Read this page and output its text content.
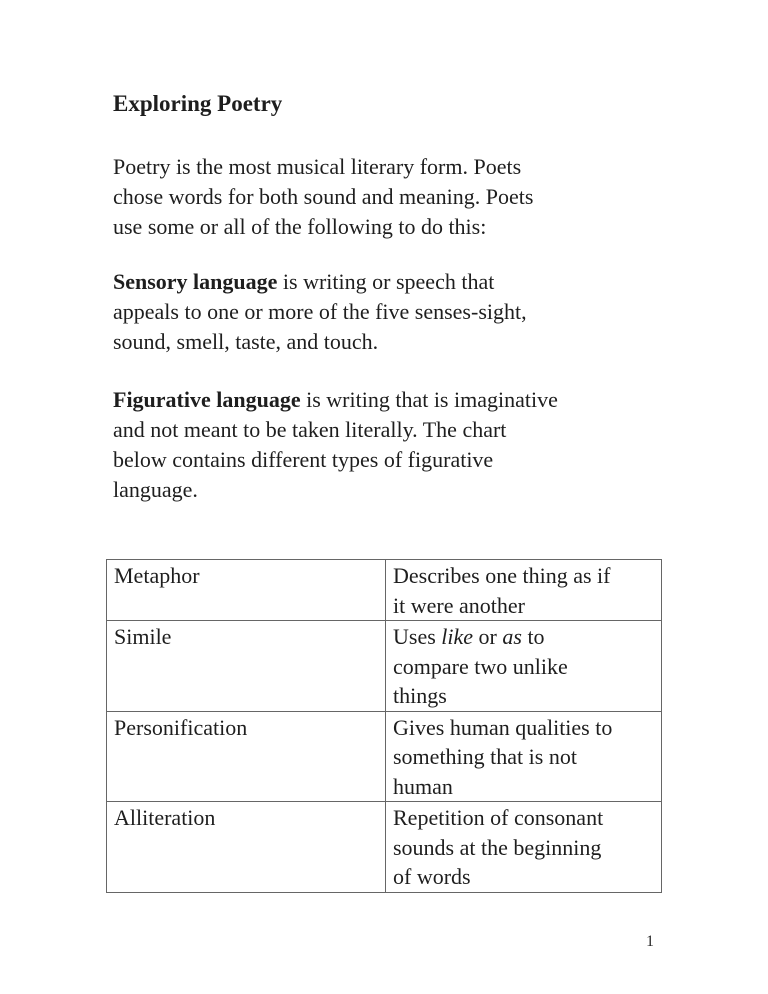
Exploring Poetry

Poetry is the most musical literary form. Poets
chose words for both sound and meaning. Poets
use some or all of the following to do this:

Sensory language is writing or speech that
appeals to one or more of the five senses-sight,
sound, smell, taste, and touch.

Figurative language is writing that is imaginative
and not meant to be taken literally. The chart
below contains different types of figurative
language.

Metaphor	Describes one thing as if
it were another

Simile	Uses like or as to
compare two unlike
things

Personification	Gives human qualities to
something that is not
human

Alliteration	Repetition of consonant
sounds at the beginning
of words
1
